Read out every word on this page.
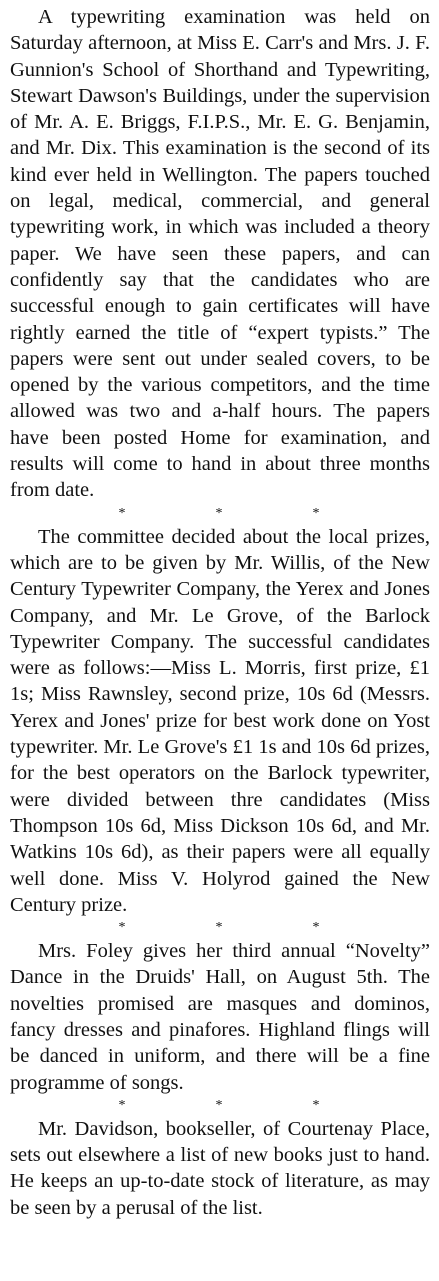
A typewriting examination was held on Saturday afternoon, at Miss E. Carr's and Mrs. J. F. Gunnion's School of Shorthand and Typewriting, Stewart Dawson's Buildings, under the supervision of Mr. A. E. Briggs, F.I.P.S., Mr. E. G. Benjamin, and Mr. Dix. This examination is the second of its kind ever held in Wellington. The papers touched on legal, medical, commercial, and general typewriting work, in which was included a theory paper. We have seen these papers, and can confidently say that the candidates who are successful enough to gain certificates will have rightly earned the title of “expert typists.” The papers were sent out under sealed covers, to be opened by the various competitors, and the time allowed was two and a-half hours. The papers have been posted Home for examination, and results will come to hand in about three months from date.

*	*	*

The committee decided about the local prizes, which are to be given by Mr. Willis, of the New Century Typewriter Company, the Yerex and Jones Company, and Mr. Le Grove, of the Barlock Typewriter Company. The successful candidates were as follows:—Miss L. Morris, first prize, £1 1s; Miss Rawnsley, second prize, 10s 6d (Messrs. Yerex and Jones' prize for best work done on Yost typewriter. Mr. Le Grove's £1 1s and 10s 6d prizes, for the best operators on the Barlock typewriter, were divided between thre candidates (Miss Thompson 10s 6d, Miss Dickson 10s 6d, and Mr. Watkins 10s 6d), as their papers were all equally well done. Miss V. Holyrod gained the New Century prize.

*	*	*

Mrs. Foley gives her third annual “Novelty” Dance in the Druids' Hall, on August 5th. The novelties promised are masques and dominos, fancy dresses and pinafores. Highland flings will be danced in uniform, and there will be a fine programme of songs.

*	*	*

Mr. Davidson, bookseller, of Courtenay Place, sets out elsewhere a list of new books just to hand. He keeps an up-to-date stock of literature, as may be seen by a perusal of the list.
